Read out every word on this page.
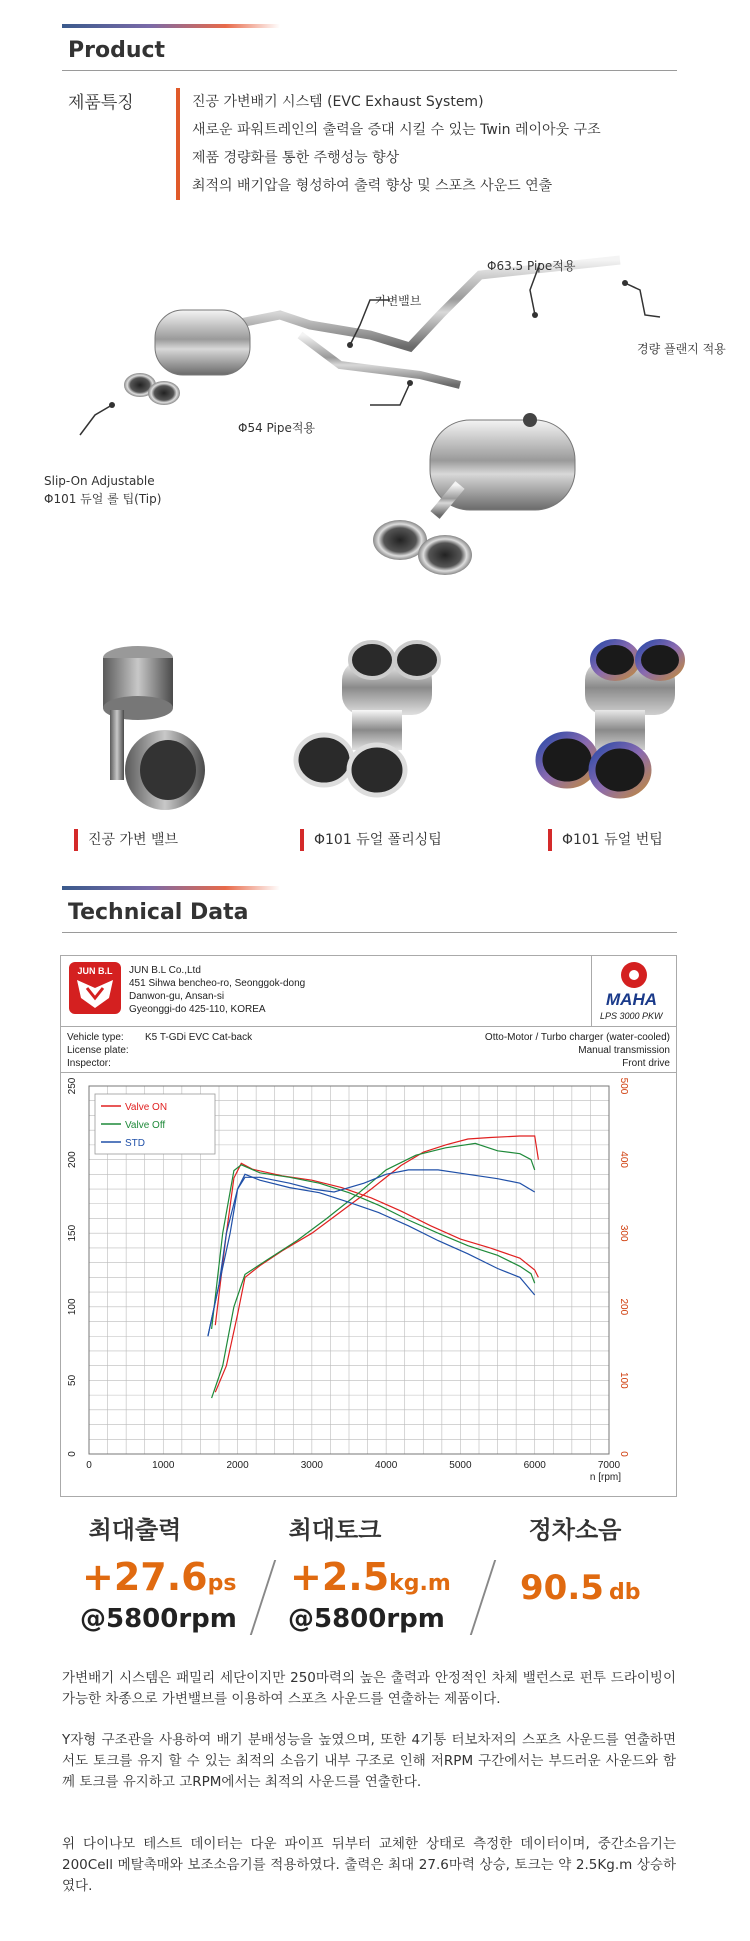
Product
제품특징	진공 가변배기 시스템 (EVC Exhaust System)
새로운 파워트레인의 출력을 증대 시킬 수 있는 Twin 레이아웃 구조
제품 경량화를 통한 주행성능 향상
최적의 배기압을 형성하여 출력 향상 및 스포츠 사운드 연출
Φ63.5 Pipe적용
가변밸브
경량 플랜지 적용
Φ54 Pipe적용
Slip-On Adjustable
Φ101 듀얼 롤 팁(Tip)
진공 가변 밸브	Φ101 듀얼 폴리싱팁	Φ101 듀얼 번팁
Technical Data
JUN B.L	JUN B.L Co.,Ltd
451 Sihwa bencheo-ro, Seonggok-dong
Danwon-gu, Ansan-si
Gyeonggi-do 425-110, KOREA
MAHA
LPS 3000 PKW
Vehicle type: K5 T-GDi EVC Cat-back
License plate:
Inspector:
Otto-Motor / Turbo charger (water-cooled)
Manual transmission
Front drive
0	1000	2000	3000	4000	5000	6000	7000
n [rpm]
0
50
100
150
200
250
0
100
200
300
400
500
Valve ON
Valve Off
STD
최대출력	최대토크	정차소음
+27.6ps
@5800rpm
+2.5kg.m
@5800rpm
90.5 db
가변배기 시스템은 패밀리 세단이지만 250마력의 높은 출력과 안정적인 차체 밸런스로 펀투 드라이빙이 가능한 차종으로 가변밸브를 이용하여 스포츠 사운드를 연출하는 제품이다.
Y자형 구조관을 사용하여 배기 분배성능을 높였으며, 또한 4기통 터보차저의 스포츠 사운드를 연출하면서도 토크를 유지 할 수 있는 최적의 소음기 내부 구조로 인해 저RPM 구간에서는 부드러운 사운드와 함께 토크를 유지하고 고RPM에서는 최적의 사운드를 연출한다.
위 다이나모 테스트 데이터는 다운 파이프 뒤부터 교체한 상태로 측정한 데이터이며, 중간소음기는 200Cell 메탈촉매와 보조소음기를 적용하였다. 출력은 최대 27.6마력 상승, 토크는 약 2.5Kg.m 상승하였다.
